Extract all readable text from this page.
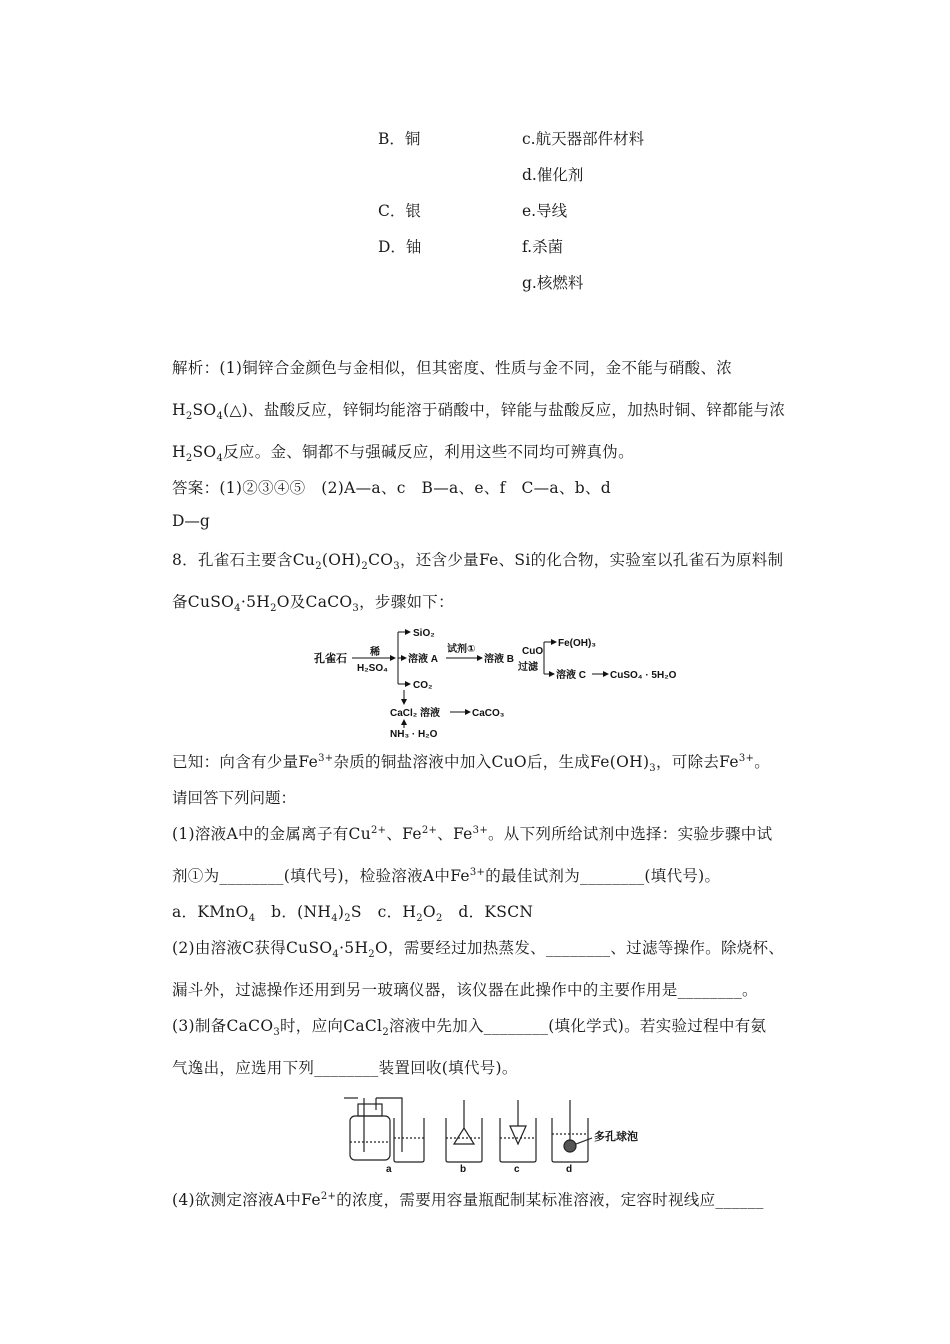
B．铜	c.航天器部件材料
d.催化剂
C．银	e.导线
D．铀	f.杀菌
g.核燃料
解析：(1)铜锌合金颜色与金相似，但其密度、性质与金不同，金不能与硝酸、浓
$H_2SO_4(\triangle)$、盐酸反应，锌铜均能溶于硝酸中，锌能与盐酸反应，加热时铜、锌都能与浓
$H_2SO_4$反应。金、铜都不与强碱反应，利用这些不同均可辨真伪。
答案：(1)②③④⑤　(2)A—a、c　B—a、e、f　C—a、b、d
D—g
8．孔雀石主要含$Cu_2(OH)_2CO_3$，还含少量Fe、Si的化合物，实验室以孔雀石为原料制
备$CuSO_4\cdot 5H_2O$及CaCO$_3$，步骤如下：
孔雀石
稀
H₂SO₄
SiO₂
溶液 A
CO₂
试剂①
溶液 B
CuO
过滤
Fe(OH)₃
溶液 C CuSO₄ · 5H₂O
CaCl₂ 溶液	CaCO₃
NH₃ · H₂O
已知：向含有少量$Fe^{3+}$杂质的铜盐溶液中加入CuO后，生成$Fe(OH)_3$，可除去$Fe^{3+}$。
请回答下列问题：
(1)溶液A中的金属离子有$Cu^{2+}$、$Fe^{2+}$、$Fe^{3+}$。从下列所给试剂中选择：实验步骤中试
剂①为________(填代号)，检验溶液A中$Fe^{3+}$的最佳试剂为________(填代号)。
a．KMnO$_4$　b．$(NH_4)_2S$　c．$H_2O_2$　d．KSCN
(2)由溶液C获得$CuSO_4\cdot 5H_2O$，需要经过加热蒸发、________、过滤等操作。除烧杯、
漏斗外，过滤操作还用到另一玻璃仪器，该仪器在此操作中的主要作用是________。
(3)制备CaCO$_3$时，应向CaCl$_2$溶液中先加入________(填化学式)。若实验过程中有氨
气逸出，应选用下列________装置回收(填代号)。
a	b	c	d
多孔球泡
(4)欲测定溶液A中$Fe^{2+}$的浓度，需要用容量瓶配制某标准溶液，定容时视线应______
